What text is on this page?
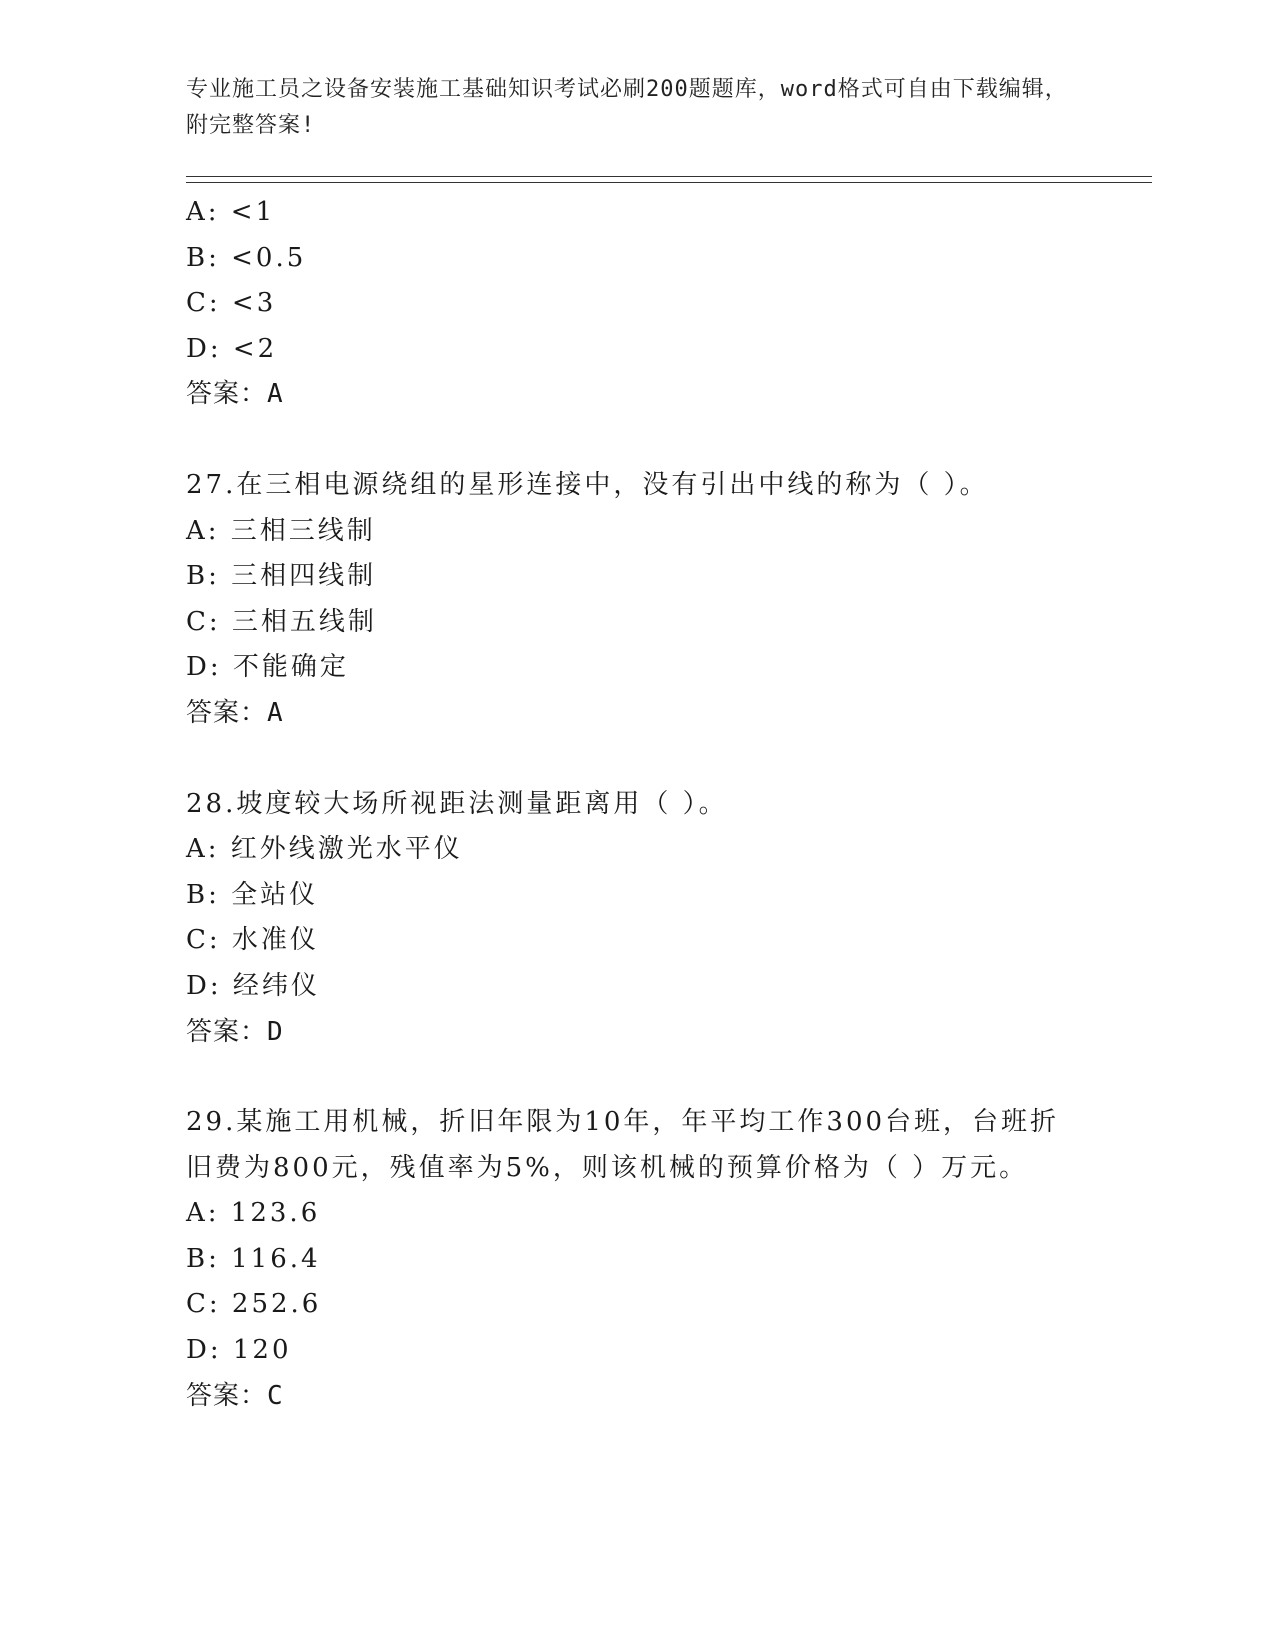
专业施工员之设备安装施工基础知识考试必刷200题题库，word格式可自由下载编辑，附完整答案!
A: <1
B: <0.5
C: <3
D: <2
答案：A
27.在三相电源绕组的星形连接中，没有引出中线的称为（ ）。
A: 三相三线制
B: 三相四线制
C: 三相五线制
D: 不能确定
答案：A
28.坡度较大场所视距法测量距离用（ ）。
A: 红外线激光水平仪
B: 全站仪
C: 水准仪
D: 经纬仪
答案：D
29.某施工用机械，折旧年限为10年，年平均工作300台班，台班折旧费为800元，残值率为5%，则该机械的预算价格为（ ）万元。
A: 123.6
B: 116.4
C: 252.6
D: 120
答案：C
